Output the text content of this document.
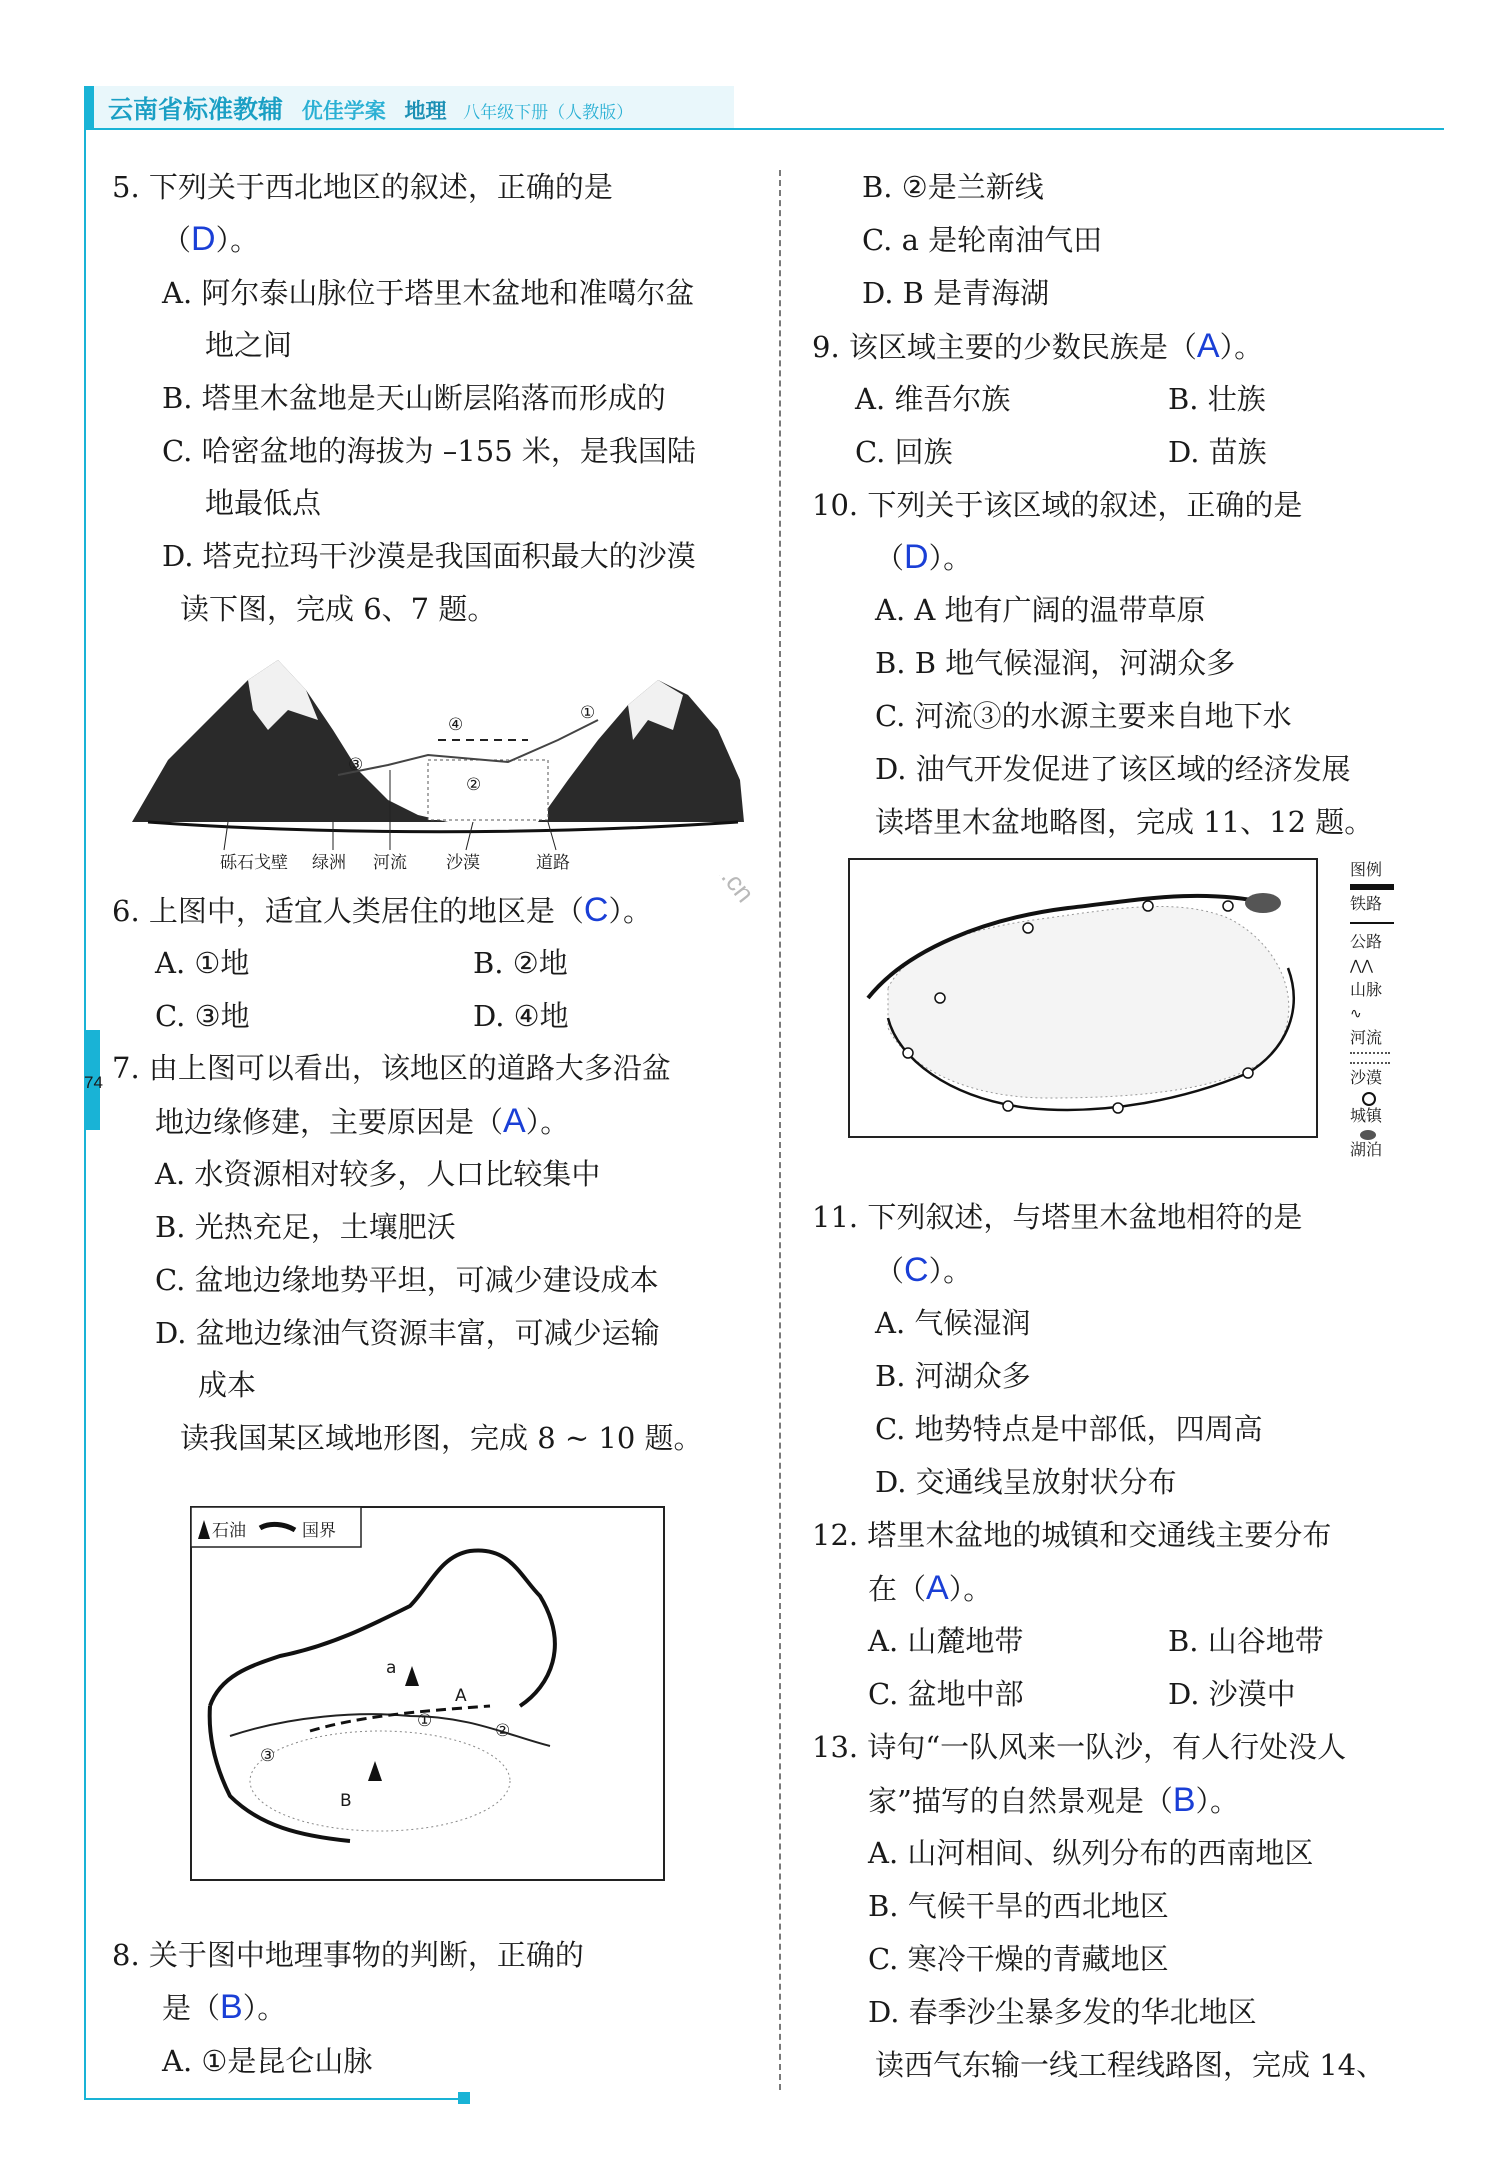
云南省标准教辅 优佳学案 地理 八年级下册（人教版）
74
zyjl.cn
5. 下列关于西北地区的叙述，正确的是
（D）。
A. 阿尔泰山脉位于塔里木盆地和准噶尔盆
地之间
B. 塔里木盆地是天山断层陷落而形成的
C. 哈密盆地的海拔为 –155 米，是我国陆
地最低点
D. 塔克拉玛干沙漠是我国面积最大的沙漠
读下图，完成 6、7 题。
①
②
③
④
砾石戈壁 绿洲 河流 沙漠	道路
6. 上图中，适宜人类居住的地区是（C）。
A. ①地	B. ②地
C. ③地	D. ④地
7. 由上图可以看出，该地区的道路大多沿盆
地边缘修建，主要原因是（A）。
A. 水资源相对较多，人口比较集中
B. 光热充足，土壤肥沃
C. 盆地边缘地势平坦，可减少建设成本
D. 盆地边缘油气资源丰富，可减少运输
成本
读我国某区域地形图，完成 8 ~ 10 题。
石油	国界
a
A
B
①	②
③
8. 关于图中地理事物的判断，正确的
是（B）。
A. ①是昆仑山脉
B. ②是兰新线
C. a 是轮南油气田
D. B 是青海湖
9. 该区域主要的少数民族是（A）。
A. 维吾尔族	B. 壮族
C. 回族	D. 苗族
10. 下列关于该区域的叙述，正确的是
（D）。
A. A 地有广阔的温带草原
B. B 地气候湿润，河湖众多
C. 河流③的水源主要来自地下水
D. 油气开发促进了该区域的经济发展
读塔里木盆地略图，完成 11、12 题。
图例
铁路
公路
⋀⋀
山脉
∿
河流
沙漠
城镇
湖泊
11. 下列叙述，与塔里木盆地相符的是
（C）。
A. 气候湿润
B. 河湖众多
C. 地势特点是中部低，四周高
D. 交通线呈放射状分布
12. 塔里木盆地的城镇和交通线主要分布
在（A）。
A. 山麓地带	B. 山谷地带
C. 盆地中部	D. 沙漠中
13. 诗句“一队风来一队沙，有人行处没人
家”描写的自然景观是（B）。
A. 山河相间、纵列分布的西南地区
B. 气候干旱的西北地区
C. 寒冷干燥的青藏地区
D. 春季沙尘暴多发的华北地区
读西气东输一线工程线路图，完成 14、
